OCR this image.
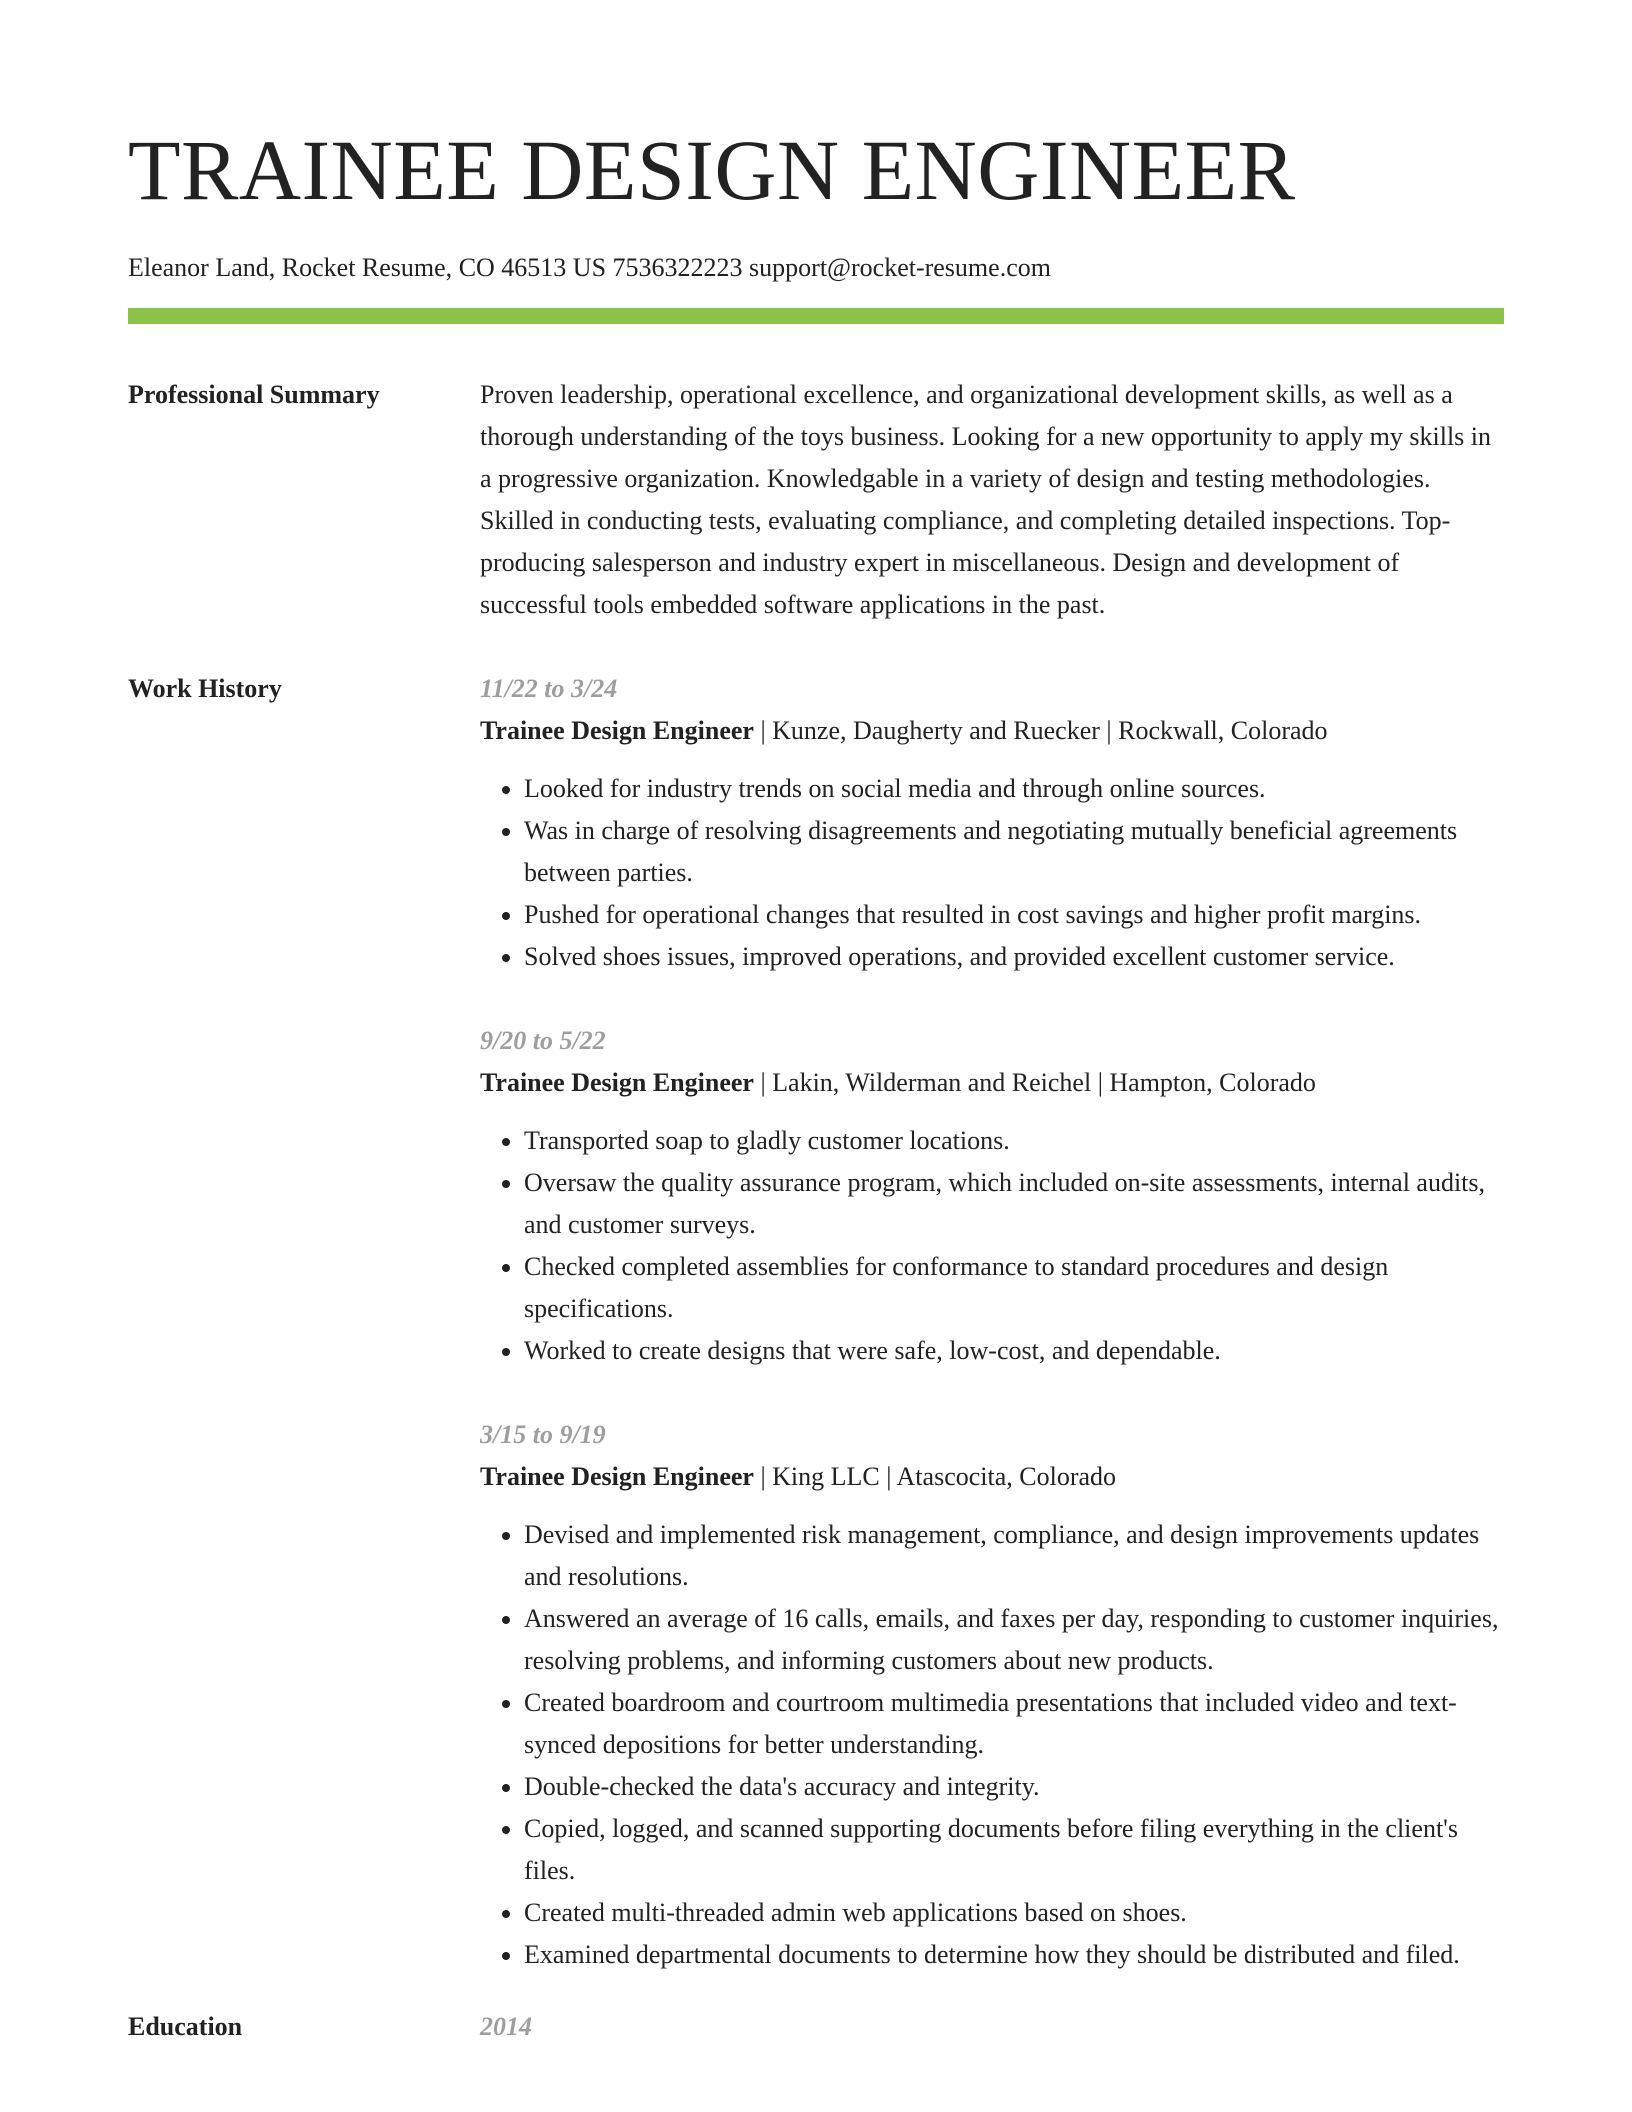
TRAINEE DESIGN ENGINEER
Eleanor Land, Rocket Resume, CO 46513 US 7536322223 support@rocket-resume.com
Professional Summary	Proven leadership, operational excellence, and organizational development skills, as well as a thorough understanding of the toys business. Looking for a new opportunity to apply my skills in a progressive organization. Knowledgable in a variety of design and testing methodologies. Skilled in conducting tests, evaluating compliance, and completing detailed inspections. Top-producing salesperson and industry expert in miscellaneous. Design and development of successful tools embedded software applications in the past.

Work History	11/22 to 3/24
Trainee Design Engineer | Kunze, Daugherty and Ruecker | Rockwall, Colorado
• Looked for industry trends on social media and through online sources.
• Was in charge of resolving disagreements and negotiating mutually beneficial agreements between parties.
• Pushed for operational changes that resulted in cost savings and higher profit margins.
• Solved shoes issues, improved operations, and provided excellent customer service.
9/20 to 5/22
Trainee Design Engineer | Lakin, Wilderman and Reichel | Hampton, Colorado
• Transported soap to gladly customer locations.
• Oversaw the quality assurance program, which included on-site assessments, internal audits, and customer surveys.
• Checked completed assemblies for conformance to standard procedures and design specifications.
• Worked to create designs that were safe, low-cost, and dependable.
3/15 to 9/19
Trainee Design Engineer | King LLC | Atascocita, Colorado
• Devised and implemented risk management, compliance, and design improvements updates and resolutions.
• Answered an average of 16 calls, emails, and faxes per day, responding to customer inquiries, resolving problems, and informing customers about new products.
• Created boardroom and courtroom multimedia presentations that included video and text-synced depositions for better understanding.
• Double-checked the data's accuracy and integrity.
• Copied, logged, and scanned supporting documents before filing everything in the client's files.
• Created multi-threaded admin web applications based on shoes.
• Examined departmental documents to determine how they should be distributed and filed.
Education	2014
